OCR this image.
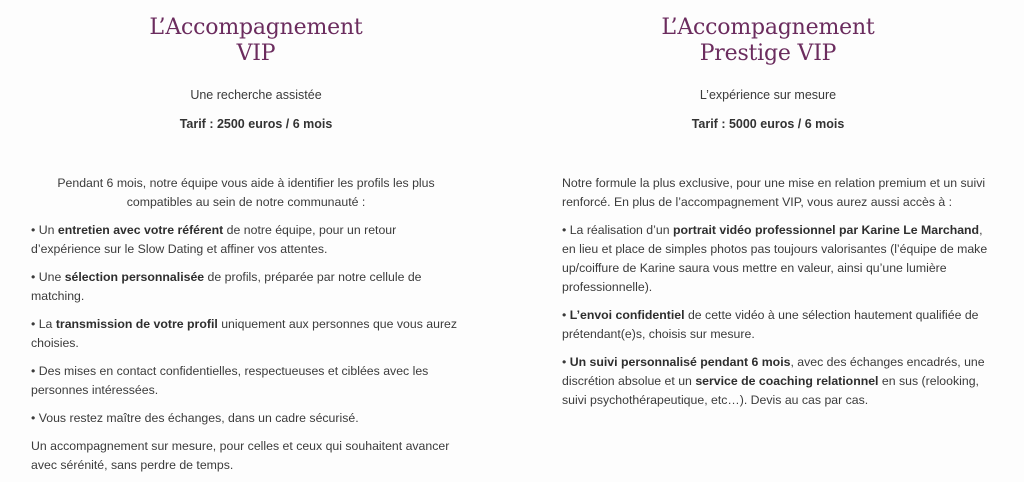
L’Accompagnement
VIP

Une recherche assistée

Tarif : 2500 euros / 6 mois

Pendant 6 mois, notre équipe vous aide à identifier les profils les plus compatibles au sein de notre communauté :

• Un entretien avec votre référent de notre équipe, pour un retour d’expérience sur le Slow Dating et affiner vos attentes.

• Une sélection personnalisée de profils, préparée par notre cellule de matching.

• La transmission de votre profil uniquement aux personnes que vous aurez choisies.

• Des mises en contact confidentielles, respectueuses et ciblées avec les personnes intéressées.

• Vous restez maître des échanges, dans un cadre sécurisé.

Un accompagnement sur mesure, pour celles et ceux qui souhaitent avancer avec sérénité, sans perdre de temps.

L’Accompagnement
Prestige VIP

L’expérience sur mesure

Tarif : 5000 euros / 6 mois

Notre formule la plus exclusive, pour une mise en relation premium et un suivi renforcé. En plus de l’accompagnement VIP, vous aurez aussi accès à :

• La réalisation d’un portrait vidéo professionnel par Karine Le Marchand, en lieu et place de simples photos pas toujours valorisantes (l’équipe de make up/coiffure de Karine saura vous mettre en valeur, ainsi qu’une lumière professionnelle).

• L’envoi confidentiel de cette vidéo à une sélection hautement qualifiée de prétendant(e)s, choisis sur mesure.

• Un suivi personnalisé pendant 6 mois, avec des échanges encadrés, une discrétion absolue et un service de coaching relationnel en sus (relooking, suivi psychothérapeutique, etc…). Devis au cas par cas.
